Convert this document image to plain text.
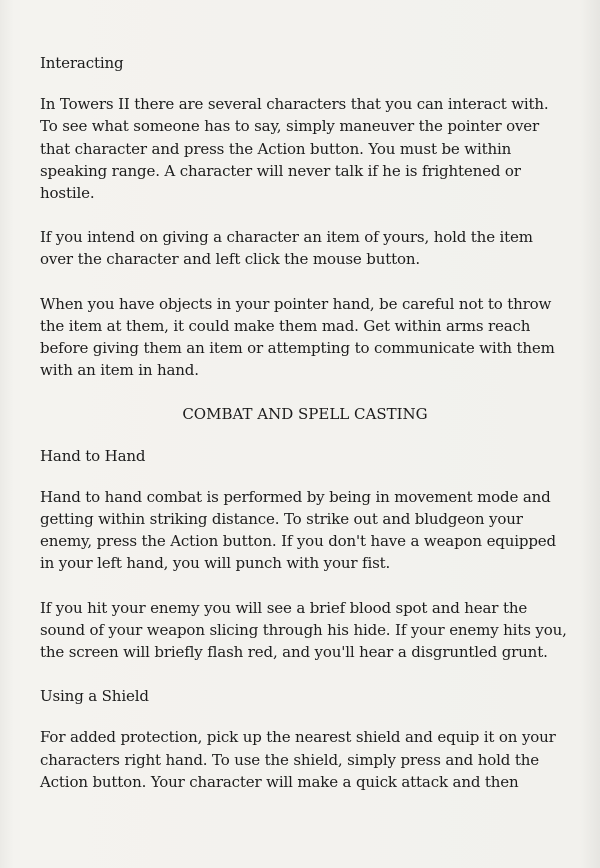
Interacting

In Towers II there are several characters that you can interact with. To see what someone has to say, simply maneuver the pointer over that character and press the Action button. You must be within speaking range. A character will never talk if he is frightened or hostile.

If you intend on giving a character an item of yours, hold the item over the character and left click the mouse button.

When you have objects in your pointer hand, be careful not to throw the item at them, it could make them mad. Get within arms reach before giving them an item or attempting to communicate with them with an item in hand.

COMBAT AND SPELL CASTING

Hand to Hand

Hand to hand combat is performed by being in movement mode and getting within striking distance. To strike out and bludgeon your enemy, press the Action button. If you don't have a weapon equipped in your left hand, you will punch with your fist.

If you hit your enemy you will see a brief blood spot and hear the sound of your weapon slicing through his hide. If your enemy hits you, the screen will briefly flash red, and you'll hear a disgruntled grunt.

Using a Shield

For added protection, pick up the nearest shield and equip it on your characters right hand. To use the shield, simply press and hold the Action button. Your character will make a quick attack and then
